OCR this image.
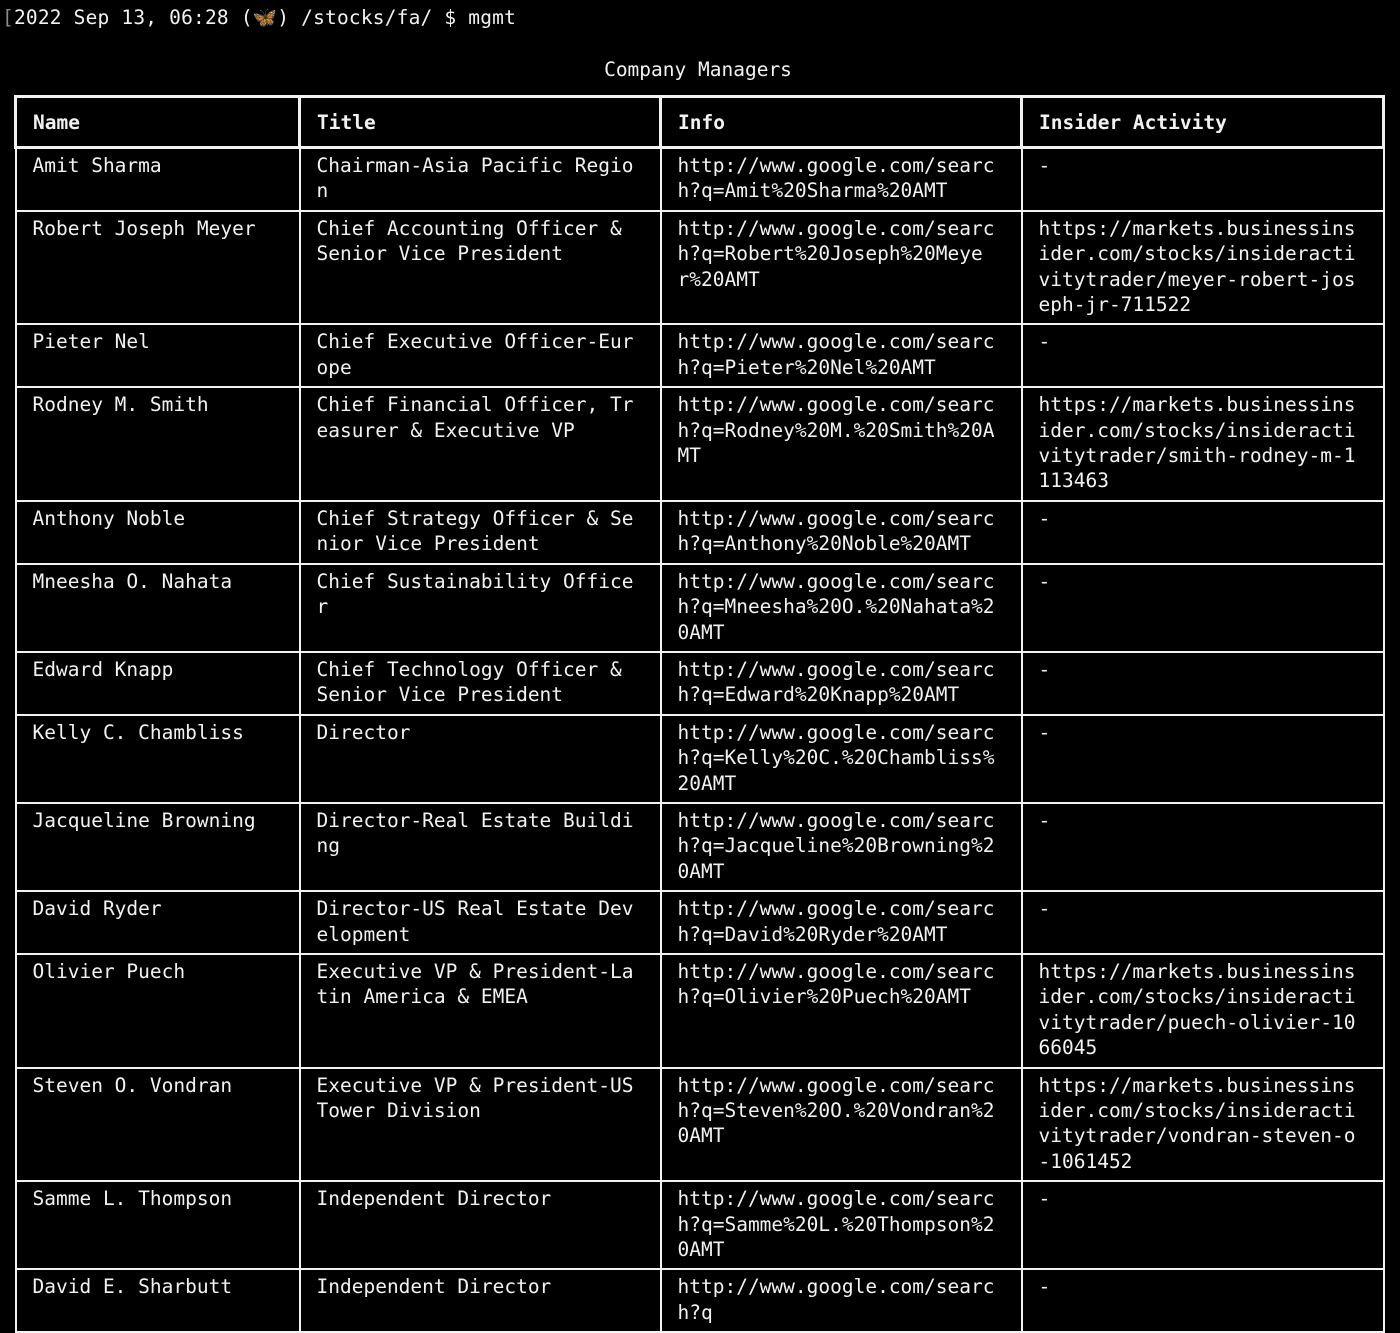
[2022 Sep 13, 06:28 (🦋) /stocks/fa/ $ mgmt
Company Managers
Name	Title	Info	Insider Activity
Amit Sharma	Chairman-Asia Pacific Region	http://www.google.com/search?q=Amit%20Sharma%20AMT	-
Robert Joseph Meyer	Chief Accounting Officer & Senior Vice President	http://www.google.com/search?q=Robert%20Joseph%20Meyer%20AMT	https://markets.businessinsider.com/stocks/insideractivitytrader/meyer-robert-joseph-jr-711522
Pieter Nel	Chief Executive Officer-Europe	http://www.google.com/search?q=Pieter%20Nel%20AMT	-
Rodney M. Smith	Chief Financial Officer, Treasurer & Executive VP	http://www.google.com/search?q=Rodney%20M.%20Smith%20AMT	https://markets.businessinsider.com/stocks/insideractivitytrader/smith-rodney-m-1113463
Anthony Noble	Chief Strategy Officer & Senior Vice President	http://www.google.com/search?q=Anthony%20Noble%20AMT	-
Mneesha O. Nahata	Chief Sustainability Officer	http://www.google.com/search?q=Mneesha%20O.%20Nahata%20AMT	-
Edward Knapp	Chief Technology Officer & Senior Vice President	http://www.google.com/search?q=Edward%20Knapp%20AMT	-
Kelly C. Chambliss	Director	http://www.google.com/search?q=Kelly%20C.%20Chambliss%20AMT	-
Jacqueline Browning	Director-Real Estate Building	http://www.google.com/search?q=Jacqueline%20Browning%20AMT	-
David Ryder	Director-US Real Estate Development	http://www.google.com/search?q=David%20Ryder%20AMT	-
Olivier Puech	Executive VP & President-Latin America & EMEA	http://www.google.com/search?q=Olivier%20Puech%20AMT	https://markets.businessinsider.com/stocks/insideractivitytrader/puech-olivier-1066045
Steven O. Vondran	Executive VP & President-US Tower Division	http://www.google.com/search?q=Steven%20O.%20Vondran%20AMT	https://markets.businessinsider.com/stocks/insideractivitytrader/vondran-steven-o-1061452
Samme L. Thompson	Independent Director	http://www.google.com/search?q=Samme%20L.%20Thompson%20AMT	-
David E. Sharbutt	Independent Director	http://www.google.com/search?q	-
